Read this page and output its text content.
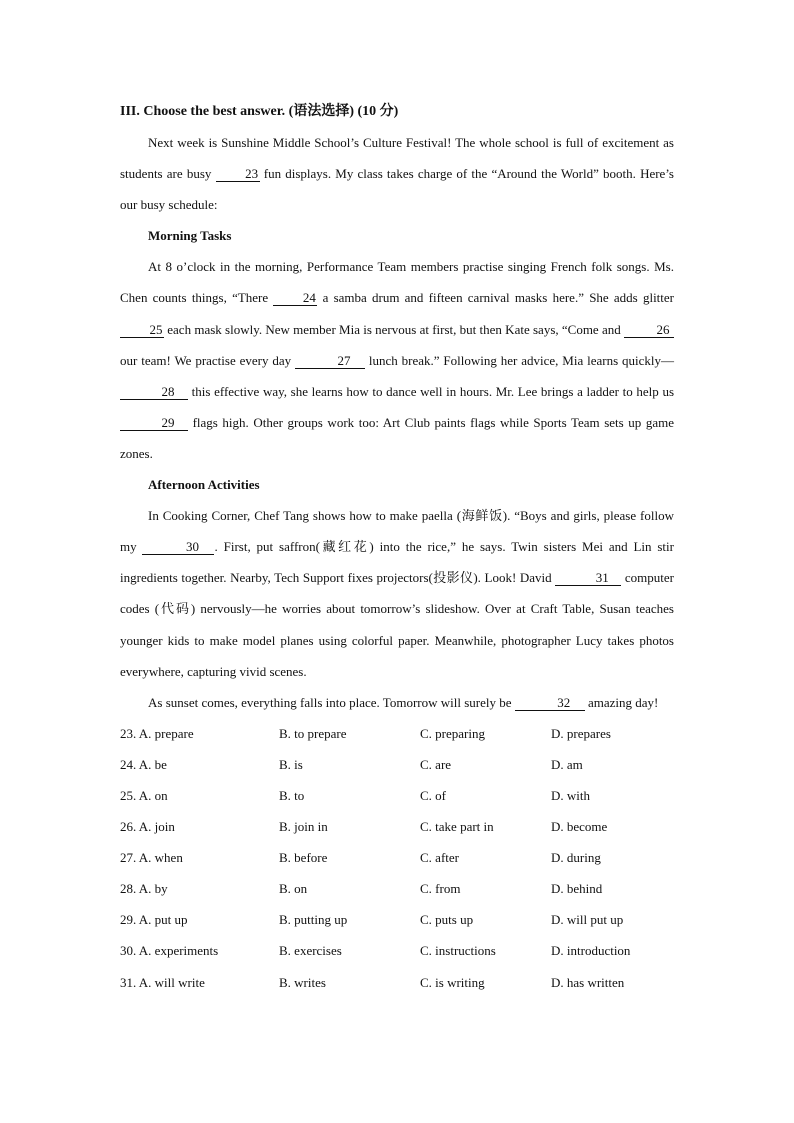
III. Choose the best answer. (语法选择) (10 分)

Next week is Sunshine Middle School’s Culture Festival! The whole school is full of excitement as students are busy 23 fun displays. My class takes charge of the “Around the World” booth. Here’s our busy schedule:

Morning Tasks

At 8 o’clock in the morning, Performance Team members practise singing French folk songs. Ms. Chen counts things, “There 24 a samba drum and fifteen carnival masks here.” She adds glitter 25 each mask slowly. New member Mia is nervous at first, but then Kate says, “Come and	26 our team! We practise every day	27 lunch break.” Following her advice, Mia learns quickly— 28 this effective way, she learns how to dance well in hours. Mr. Lee brings a ladder to help us 29 flags high. Other groups work too: Art Club paints flags while Sports Team sets up game zones.

Afternoon Activities

In Cooking Corner, Chef Tang shows how to make paella (海鲜饭). “Boys and girls, please follow my	30 . First, put saffron(藏红花) into the rice,” he says. Twin sisters Mei and Lin stir ingredients together. Nearby, Tech Support fixes projectors(投影仪). Look! David	31 computer codes (代码) nervously—he worries about tomorrow’s slideshow. Over at Craft Table, Susan teaches younger kids to make model planes using colorful paper. Meanwhile, photographer Lucy takes photos everywhere, capturing vivid scenes.

As sunset comes, everything falls into place. Tomorrow will surely be	32 amazing day!

23. A. prepare	B. to prepare	C. preparing	D. prepares
24. A. be	B. is	C. are	D. am
25. A. on	B. to	C. of	D. with
26. A. join	B. join in	C. take part in	D. become
27. A. when	B. before	C. after	D. during
28. A. by	B. on	C. from	D. behind
29. A. put up	B. putting up	C. puts up	D. will put up
30. A. experiments	B. exercises	C. instructions	D. introduction
31. A. will write	B. writes	C. is writing	D. has written
